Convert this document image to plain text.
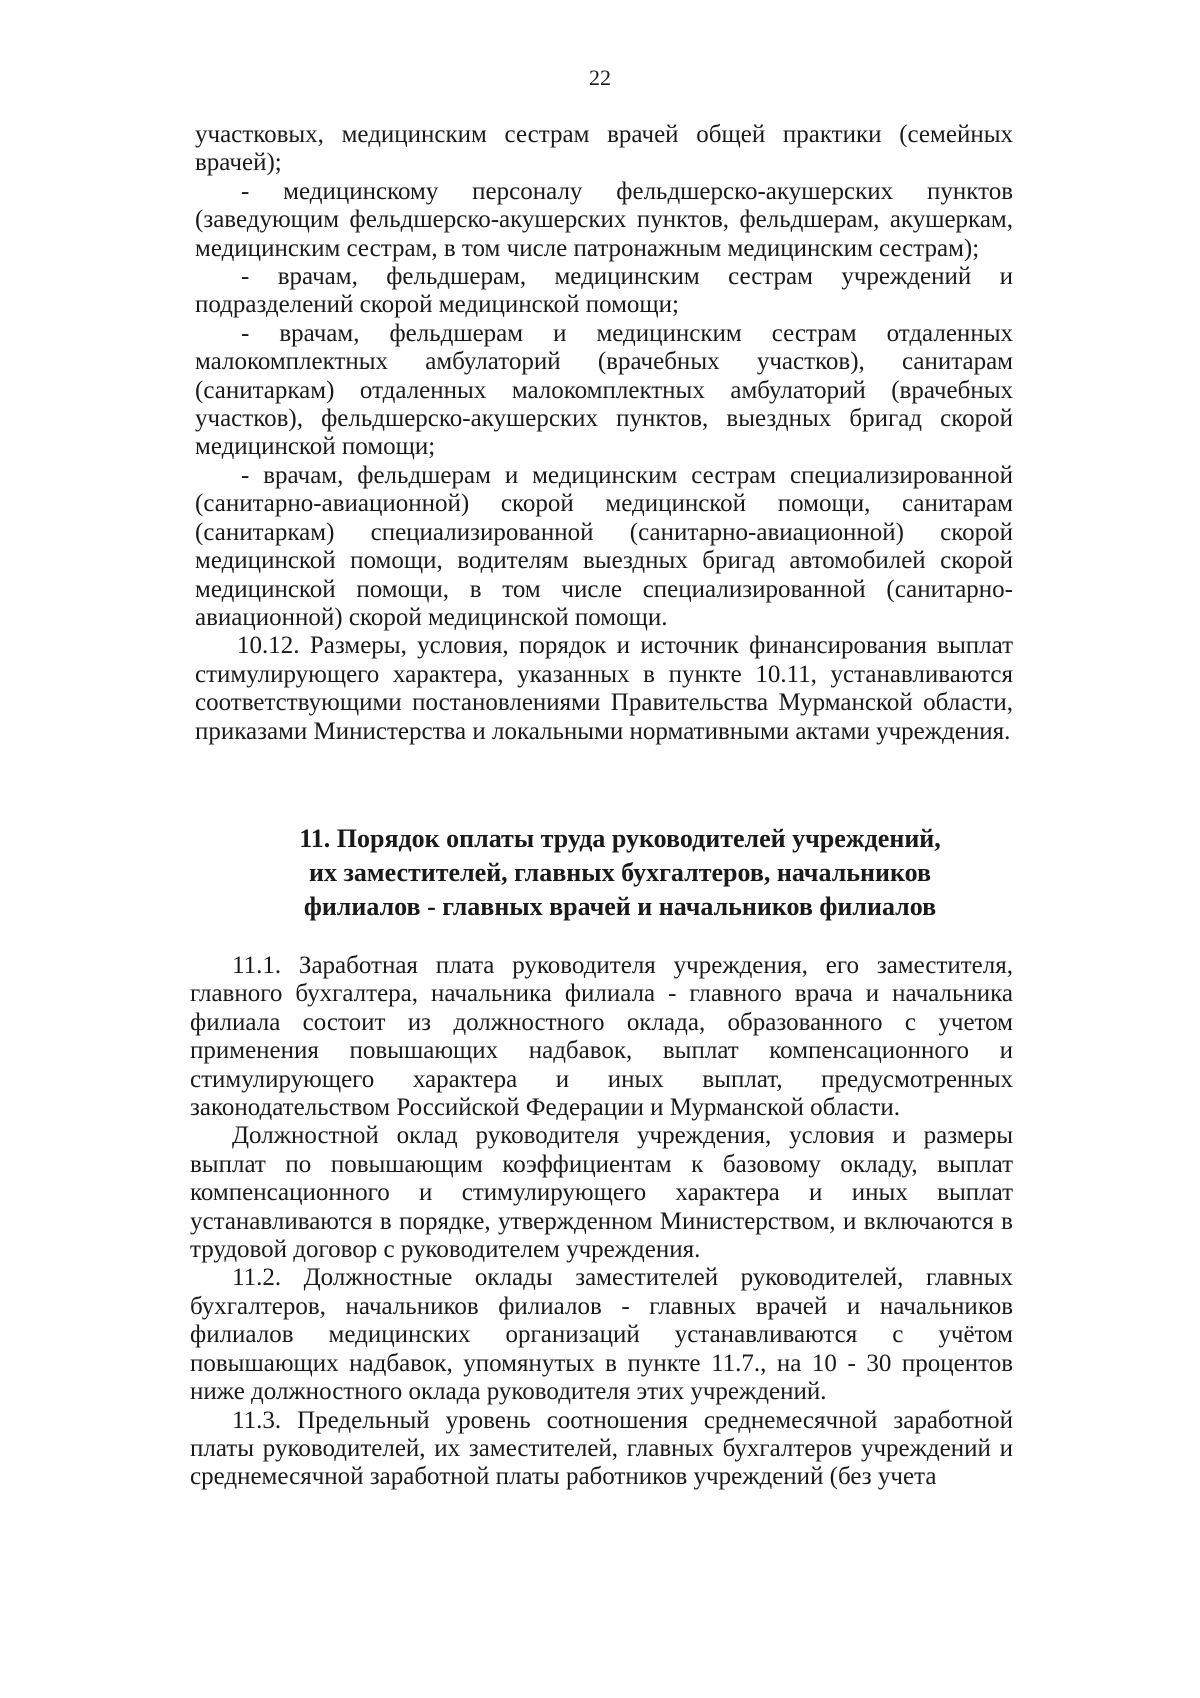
22

участковых, медицинским сестрам врачей общей практики (семейных врачей);

- медицинскому персоналу фельдшерско-акушерских пунктов (заведующим фельдшерско-акушерских пунктов, фельдшерам, акушеркам, медицинским сестрам, в том числе патронажным медицинским сестрам);

- врачам, фельдшерам, медицинским сестрам учреждений и подразделений скорой медицинской помощи;

- врачам, фельдшерам и медицинским сестрам отдаленных малокомплектных амбулаторий (врачебных участков), санитарам (санитаркам) отдаленных малокомплектных амбулаторий (врачебных участков), фельдшерско-акушерских пунктов, выездных бригад скорой медицинской помощи;

- врачам, фельдшерам и медицинским сестрам специализированной (санитарно-авиационной) скорой медицинской помощи, санитарам (санитаркам) специализированной (санитарно-авиационной) скорой медицинской помощи, водителям выездных бригад автомобилей скорой медицинской помощи, в том числе специализированной (санитарно-авиационной) скорой медицинской помощи.

10.12. Размеры, условия, порядок и источник финансирования выплат стимулирующего характера, указанных в пункте 10.11, устанавливаются соответствующими постановлениями Правительства Мурманской области, приказами Министерства и локальными нормативными актами учреждения.

11. Порядок оплаты труда руководителей учреждений,
их заместителей, главных бухгалтеров, начальников
филиалов - главных врачей и начальников филиалов

11.1. Заработная плата руководителя учреждения, его заместителя, главного бухгалтера, начальника филиала - главного врача и начальника филиала состоит из должностного оклада, образованного с учетом применения повышающих надбавок, выплат компенсационного и стимулирующего характера и иных выплат, предусмотренных законодательством Российской Федерации и Мурманской области.

Должностной оклад руководителя учреждения, условия и размеры выплат по повышающим коэффициентам к базовому окладу, выплат компенсационного и стимулирующего характера и иных выплат устанавливаются в порядке, утвержденном Министерством, и включаются в трудовой договор с руководителем учреждения.

11.2. Должностные оклады заместителей руководителей, главных бухгалтеров, начальников филиалов - главных врачей и начальников филиалов медицинских организаций устанавливаются с учётом повышающих надбавок, упомянутых в пункте 11.7., на 10 - 30 процентов ниже должностного оклада руководителя этих учреждений.

11.3. Предельный уровень соотношения среднемесячной заработной платы руководителей, их заместителей, главных бухгалтеров учреждений и среднемесячной заработной платы работников учреждений (без учета
